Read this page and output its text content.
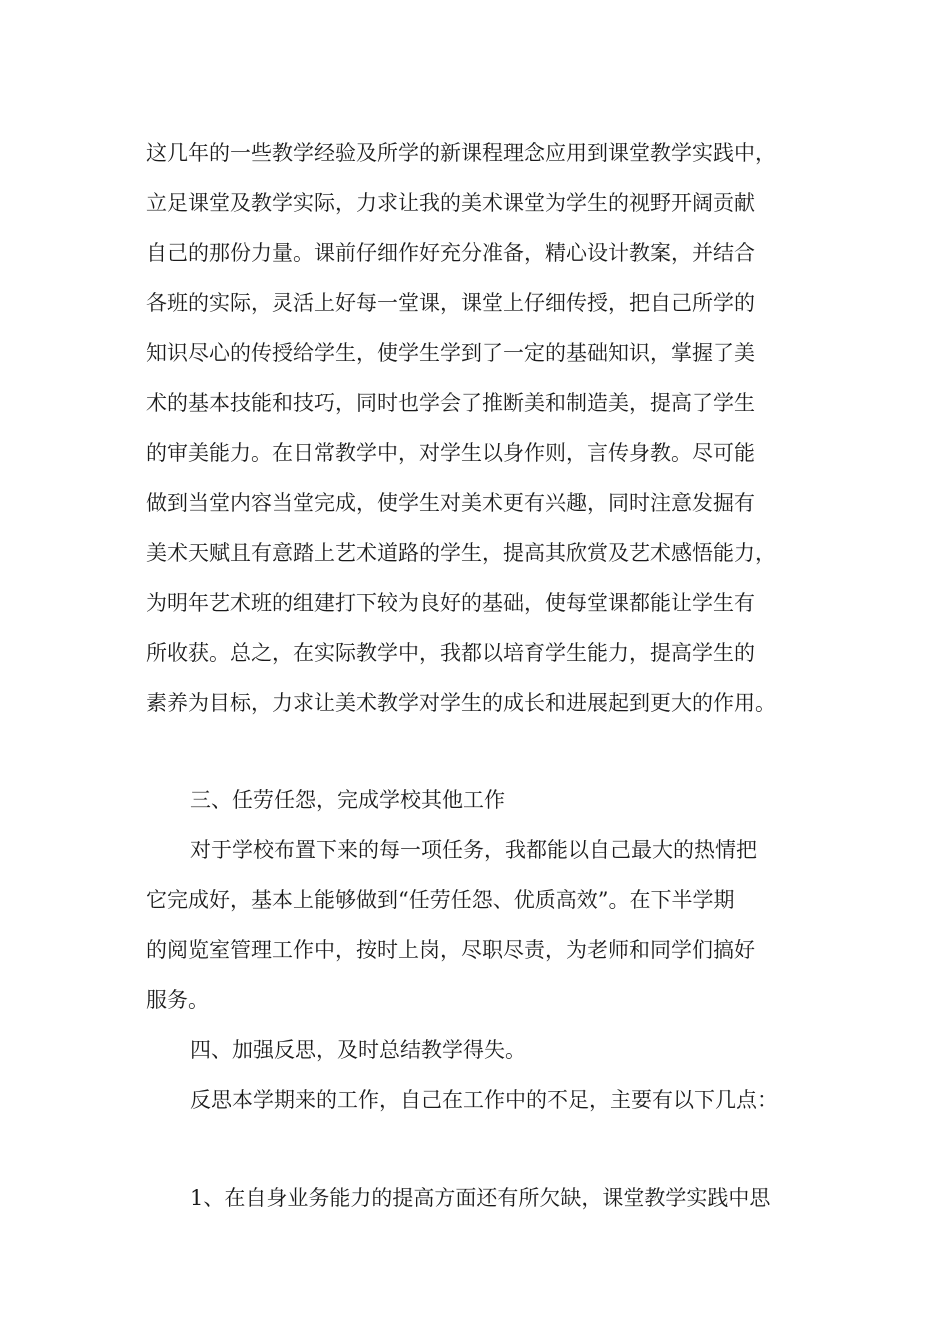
这几年的一些教学经验及所学的新课程理念应用到课堂教学实践中，
立足课堂及教学实际，力求让我的美术课堂为学生的视野开阔贡献
自己的那份力量。课前仔细作好充分准备，精心设计教案，并结合
各班的实际，灵活上好每一堂课，课堂上仔细传授，把自己所学的
知识尽心的传授给学生，使学生学到了一定的基础知识，掌握了美
术的基本技能和技巧，同时也学会了推断美和制造美，提高了学生
的审美能力。在日常教学中，对学生以身作则，言传身教。尽可能
做到当堂内容当堂完成，使学生对美术更有兴趣，同时注意发掘有
美术天赋且有意踏上艺术道路的学生，提高其欣赏及艺术感悟能力，
为明年艺术班的组建打下较为良好的基础，使每堂课都能让学生有
所收获。总之，在实际教学中，我都以培育学生能力，提高学生的
素养为目标，力求让美术教学对学生的成长和进展起到更大的作用。
三、任劳任怨，完成学校其他工作
对于学校布置下来的每一项任务，我都能以自己最大的热情把
它完成好，基本上能够做到“任劳任怨、优质高效”。在下半学期
的阅览室管理工作中，按时上岗，尽职尽责，为老师和同学们搞好
服务。
四、加强反思，及时总结教学得失。
反思本学期来的工作，自己在工作中的不足，主要有以下几点：
1、在自身业务能力的提高方面还有所欠缺，课堂教学实践中思
